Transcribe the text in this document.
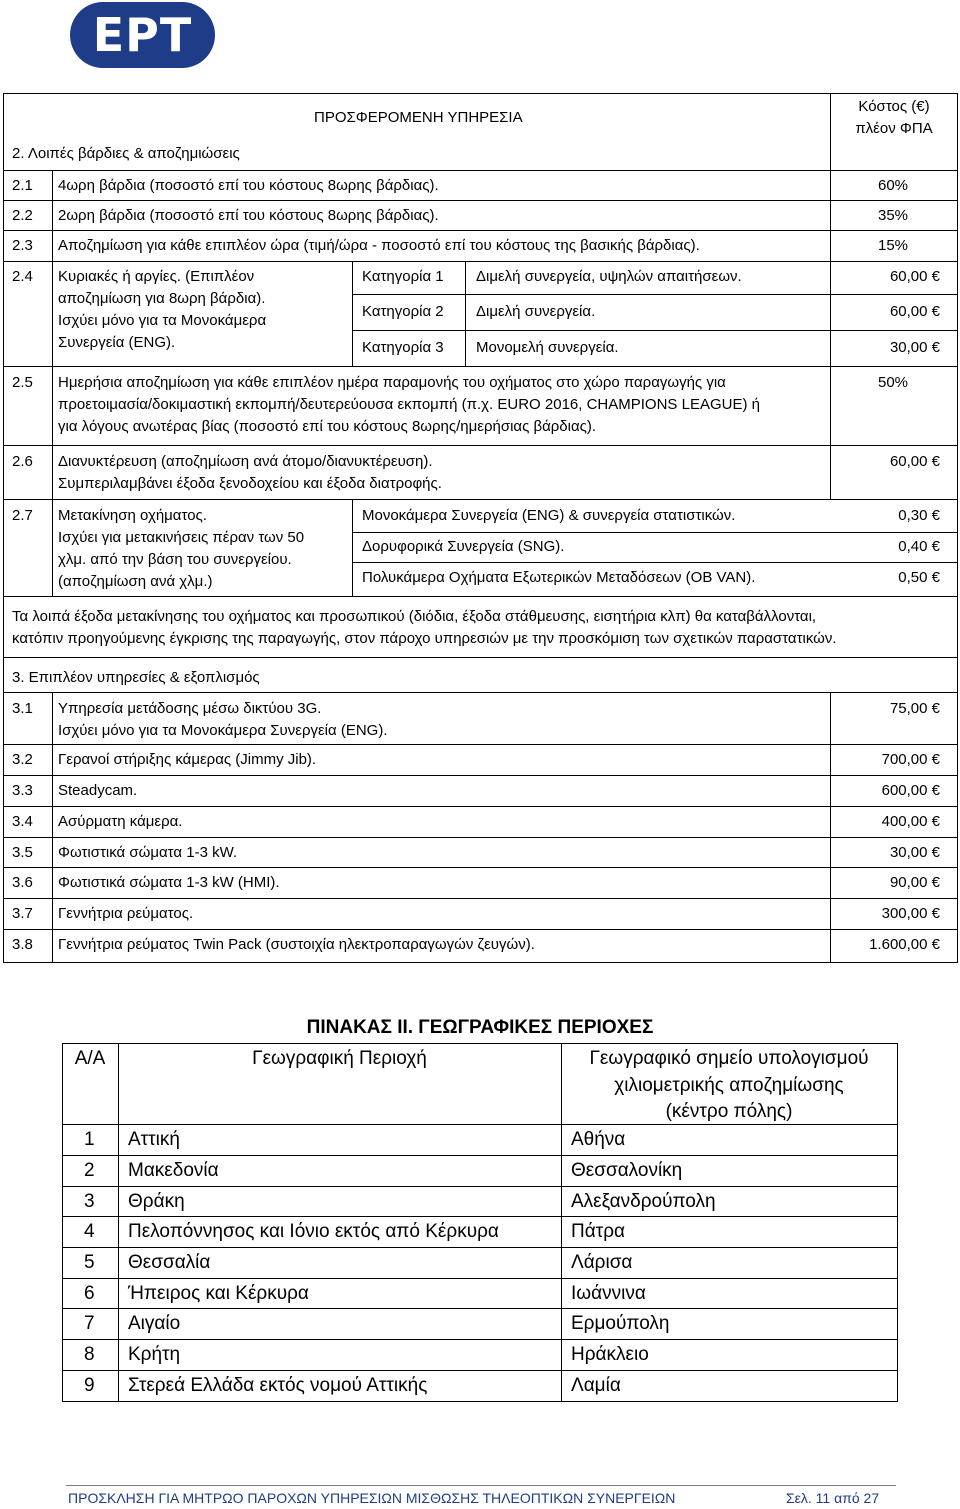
ΕΡΤ
ΠΡΟΣΦΕΡΟΜΕΝΗ ΥΠΗΡΕΣΙΑ
Κόστος (€)
πλέον ΦΠΑ
2. Λοιπές βάρδιες & αποζημιώσεις
2.1 4ωρη βάρδια (ποσοστό επί του κόστους 8ωρης βάρδιας).	60%
2.2 2ωρη βάρδια (ποσοστό επί του κόστους 8ωρης βάρδιας).	35%
2.3 Αποζημίωση για κάθε επιπλέον ώρα (τιμή/ώρα - ποσοστό επί του κόστους της βασικής βάρδιας).	15%
2.4 Κυριακές ή αργίες. (Επιπλέον
αποζημίωση για 8ωρη βάρδια).
Ισχύει μόνο για τα Μονοκάμερα
Συνεργεία (ENG).
Κατηγορία 1 Διμελή συνεργεία, υψηλών απαιτήσεων.	60,00 €
Κατηγορία 2 Διμελή συνεργεία.	60,00 €
Κατηγορία 3 Μονομελή συνεργεία.	30,00 €
2.5 Ημερήσια αποζημίωση για κάθε επιπλέον ημέρα παραμονής του οχήματος στο χώρο παραγωγής για
προετοιμασία/δοκιμαστική εκπομπή/δευτερεύουσα εκπομπή (π.χ. EURO 2016, CHAMPIONS LEAGUE) ή
για λόγους ανωτέρας βίας (ποσοστό επί του κόστους 8ωρης/ημερήσιας βάρδιας).
50%
2.6 Διανυκτέρευση (αποζημίωση ανά άτομο/διανυκτέρευση).
Συμπεριλαμβάνει έξοδα ξενοδοχείου και έξοδα διατροφής.
60,00 €
2.7 Μετακίνηση οχήματος.
Ισχύει για μετακινήσεις πέραν των 50
χλμ. από την βάση του συνεργείου.
(αποζημίωση ανά χλμ.)
Μονοκάμερα Συνεργεία (ENG) & συνεργεία στατιστικών.	0,30 €
Δορυφορικά Συνεργεία (SNG).	0,40 €
Πολυκάμερα Οχήματα Εξωτερικών Μεταδόσεων (OB VAN).	0,50 €
Τα λοιπά έξοδα μετακίνησης του οχήματος και προσωπικού (διόδια, έξοδα στάθμευσης, εισητήρια κλπ) θα καταβάλλονται,
κατόπιν προηγούμενης έγκρισης της παραγωγής, στον πάροχο υπηρεσιών με την προσκόμιση των σχετικών παραστατικών.
3. Επιπλέον υπηρεσίες & εξοπλισμός
3.1 Υπηρεσία μετάδοσης μέσω δικτύου 3G.
Ισχύει μόνο για τα Μονοκάμερα Συνεργεία (ENG).
75,00 €
3.2 Γερανοί στήριξης κάμερας (Jimmy Jib).	700,00 €
3.3 Steadycam.	600,00 €
3.4 Ασύρματη κάμερα.	400,00 €
3.5 Φωτιστικά σώματα 1-3 kW.	30,00 €
3.6 Φωτιστικά σώματα 1-3 kW (HMI).	90,00 €
3.7 Γεννήτρια ρεύματος.	300,00 €
3.8 Γεννήτρια ρεύματος Twin Pack (συστοιχία ηλεκτροπαραγωγών ζευγών).	1.600,00 €
ΠΙΝΑΚΑΣ ΙΙ. ΓΕΩΓΡΑΦΙΚΕΣ ΠΕΡΙΟΧΕΣ
Α/Α	Γεωγραφική Περιοχή	Γεωγραφικό σημείο υπολογισμού
χιλιομετρικής αποζημίωσης
(κέντρο πόλης)
1 Αττική	Αθήνα
2 Μακεδονία	Θεσσαλονίκη
3 Θράκη	Αλεξανδρούπολη
4 Πελοπόννησος και Ιόνιο εκτός από Κέρκυρα	Πάτρα
5 Θεσσαλία	Λάρισα
6 Ήπειρος και Κέρκυρα	Ιωάννινα
7 Αιγαίο	Ερμούπολη
8 Κρήτη	Ηράκλειο
9 Στερεά Ελλάδα εκτός νομού Αττικής	Λαμία
ΠΡΟΣΚΛΗΣΗ ΓΙΑ ΜΗΤΡΩΟ ΠΑΡΟΧΩΝ ΥΠΗΡΕΣΙΩΝ ΜΙΣΘΩΣΗΣ ΤΗΛΕΟΠΤΙΚΩΝ ΣΥΝΕΡΓΕΙΩΝ	Σελ. 11 από 27
